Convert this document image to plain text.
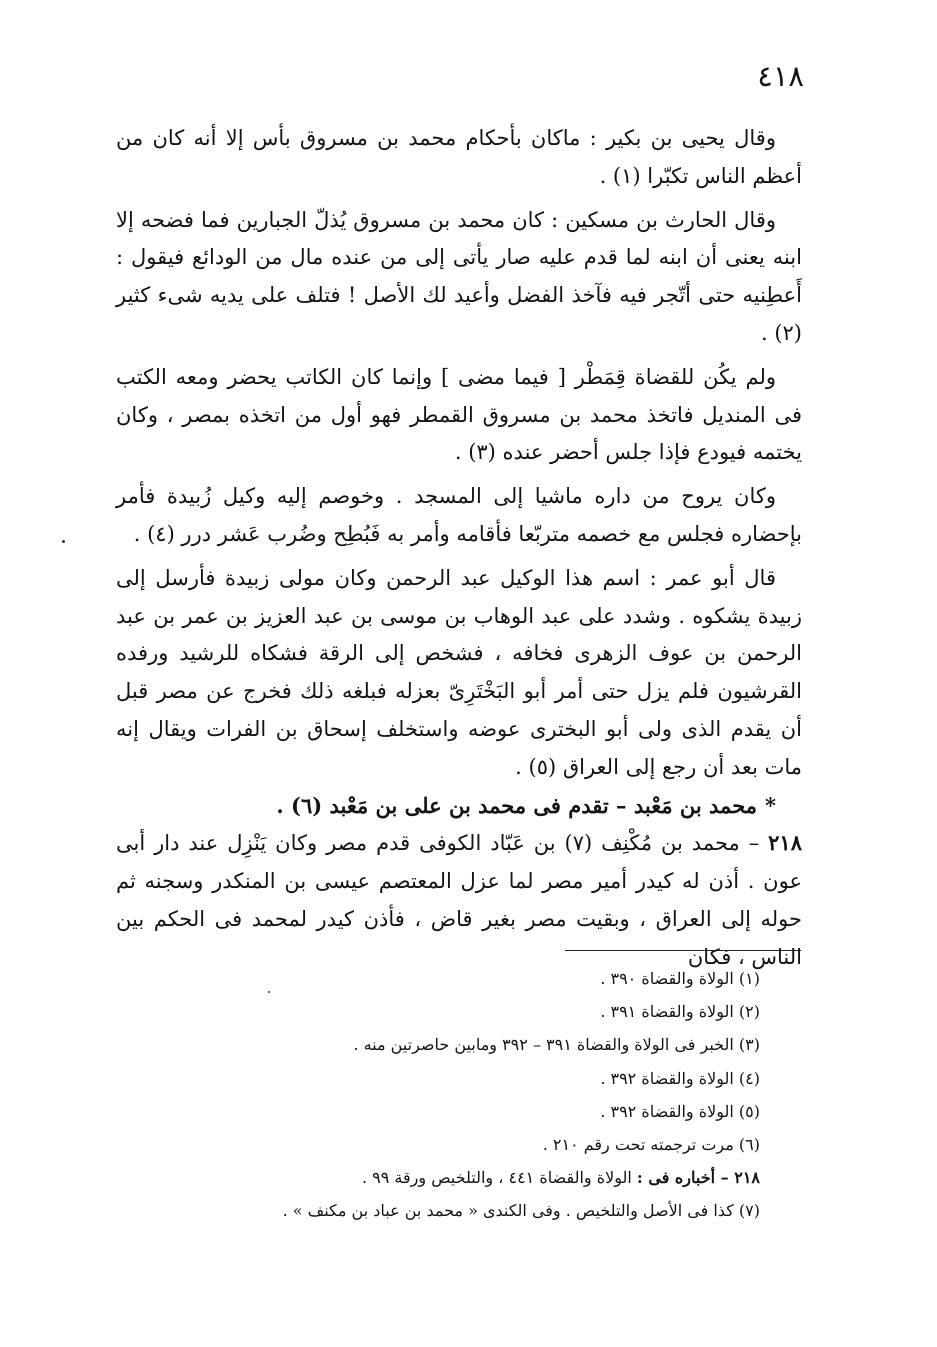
٤١٨

وقال يحيى بن بكير : ماكان بأحكام محمد بن مسروق بأس إلا أنه كان من أعظم الناس تكبّرا (١) .

وقال الحارث بن مسكين : كان محمد بن مسروق يُذلّ الجبارين فما فضحه إلا ابنه يعنى أن ابنه لما قدم عليه صار يأتى إلى من عنده مال من الودائع فيقول : أَعطِنيه حتى أتّجر فيه فآخذ الفضل وأعيد لك الأصل ! فتلف على يديه شىء كثير (٢) .

ولم يكُن للقضاة قِمَطْر [ فيما مضى ] وإنما كان الكاتب يحضر ومعه الكتب فى المنديل فاتخذ محمد بن مسروق القمطر فهو أول من اتخذه بمصر ، وكان يختمه فيودع فإذا جلس أحضر عنده (٣) .

وكان يروح من داره ماشيا إلى المسجد . وخوصم إليه وكيل زُبيدة فأمر بإحضاره فجلس مع خصمه متربّعا فأقامه وأمر به فَبُطِح وضُرب عَشر درر (٤) .

قال أبو عمر : اسم هذا الوكيل عبد الرحمن وكان مولى زبيدة فأرسل إلى زبيدة يشكوه . وشدد على عبد الوهاب بن موسى بن عبد العزيز بن عمر بن عبد الرحمن بن عوف الزهرى فخافه ، فشخص إلى الرقة فشكاه للرشيد ورفده القرشيون فلم يزل حتى أمر أبو البَخْتَرِىّ بعزله فبلغه ذلك فخرج عن مصر قبل أن يقدم الذى ولى أبو البخترى عوضه واستخلف إسحاق بن الفرات ويقال إنه مات بعد أن رجع إلى العراق (٥) .

*محمد بن مَعْبد – تقدم فى محمد بن على بن مَعْبد (٦) .

٢١٨ – محمد بن مُكْنِف (٧) بن عَبّاد الكوفى قدم مصر وكان يَنْزِل عند دار أبى عون . أذن له كيدر أمير مصر لما عزل المعتصم عيسى بن المنكدر وسجنه ثم حوله إلى العراق ، وبقيت مصر بغير قاض ، فأذن كيدر لمحمد فى الحكم بين الناس ، فكان

(١) الولاة والقضاة ٣٩٠ .

(٢) الولاة والقضاة ٣٩١ .

(٣) الخبر فى الولاة والقضاة ٣٩١ – ٣٩٢ ومابين حاصرتين منه .

(٤) الولاة والقضاة ٣٩٢ .

(٥) الولاة والقضاة ٣٩٢ .

(٦) مرت ترجمته تحت رقم ٢١٠ .

٢١٨ – أخباره فى : الولاة والقضاة ٤٤١ ، والتلخيص ورقة ٩٩ .

(٧) كذا فى الأصل والتلخيص . وفى الكندى « محمد بن عباد بن مكنف » .
